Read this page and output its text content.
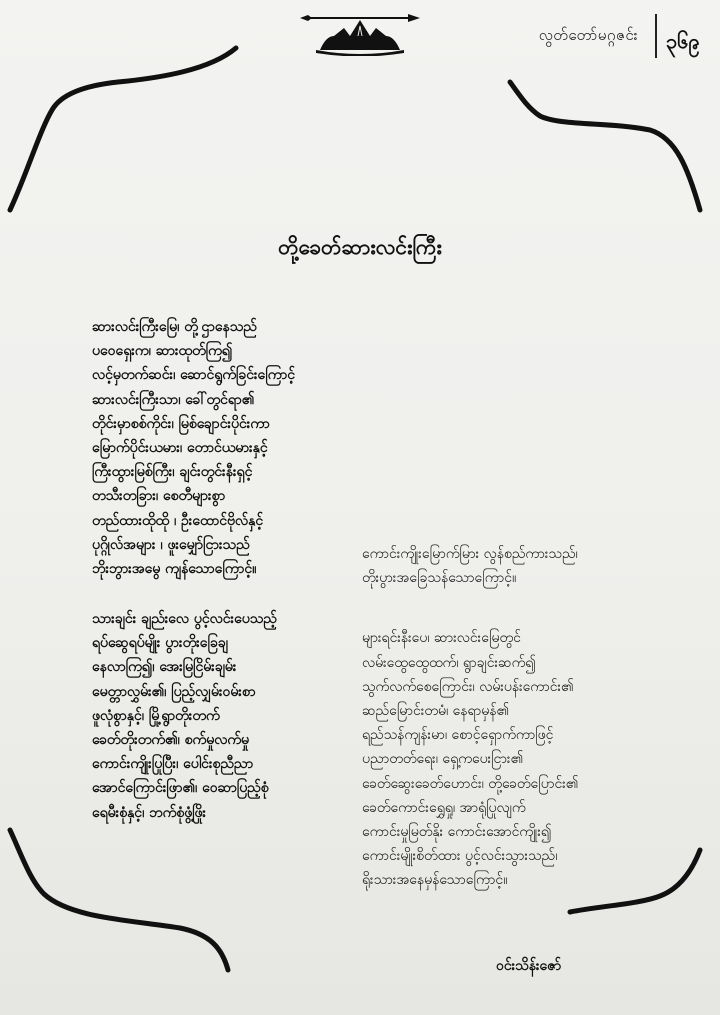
လွတ်တော်မဂ္ဂဇင်း ၃၆၉
တို့ခေတ်ဆားလင်းကြီး
ဆားလင်းကြီးမြေ၊ တို့ဌာနေသည်
ပဝေရှေးက၊ ဆားထုတ်ကြ၍
လင့်မှတက်ဆင်း၊ ဆောင်ရွက်ခြင်းကြောင့်
ဆားလင်းကြီးသာ၊ ခေါ်တွင်ရာ၏
တိုင်းမှာစစ်ကိုင်း၊ မြစ်ချောင်းပိုင်းကာ
မြောက်ပိုင်းယမား၊ တောင်ယမားနှင့်
ကြီးထွားမြစ်ကြီး၊ ချင်းတွင်းနီးရှင့်
တသီးတခြား၊ စေတီများစွာ
တည်ထားထိုထို ၊ ဦးထောင်ဗိုလ်နှင့်
ပုဂ္ဂိုလ်အများ ၊ ဖူးမျှော်ငြားသည်
ဘိုးဘွားအမွေ ကျန်သောကြောင့်။
သားချင်း ချည်းလေ ပွင့်လင်းပေသည့်
ရပ်ဆွေရပ်မျိုး ပွားတိုးခြေချ
နေလာကြ၍၊ အေးမြငြိမ်းချမ်း
မေတ္တာလွှမ်း၏၊ ပြည့်လျှမ်းဝမ်းစာ
ဖူလုံစွာနှင့်၊ မြို့ရွာတိုးတက်
ခေတ်တိုးတက်၏၊ စက်မှုလက်မှု
ကောင်းကျိုးပြုပြီး၊ ပေါင်းစုညီညာ
အောင်ကြောင်းဖြာ၏၊ ဝေဆာပြည့်စုံ
ရေမီးစုံနှင့်၊ ဘက်စုံဖွံ့ဖြိုး
ကောင်းကျိုးမြောက်မြား လွန်စည်ကားသည်၊
တိုးပွားအခြေသန်သောကြောင့်။
များရင်းနီးပေ၊ ဆားလင်းမြေတွင်
လမ်းထွေထွေထက်၊ ရွာချင်းဆက်၍
သွက်လက်စေကြောင်း၊ လမ်းပန်းကောင်း၏
ဆည်မြောင်းတမံ၊ နေရာမှန်၏
ရည်သန်ကျန်းမာ၊ စောင့်ရှောက်ကာဖြင့်
ပညာတတ်ရေး၊ ရှေ့ကပေးငြား၏
ခေတ်ဆွေးခေတ်ဟောင်း၊ တို့ခေတ်ပြောင်း၏
ခေတ်ကောင်းရွှေရှု၊ အာရုံပြုလျက်
ကောင်းမှုမြတ်နိုး ကောင်းအောင်ကျိုး၍
ကောင်းမျိုးစိတ်ထား ပွင့်လင်းသွားသည်၊
ရိုးသားအနေမှန်သောကြောင့်။
ဝင်းသိန်းဇော်
